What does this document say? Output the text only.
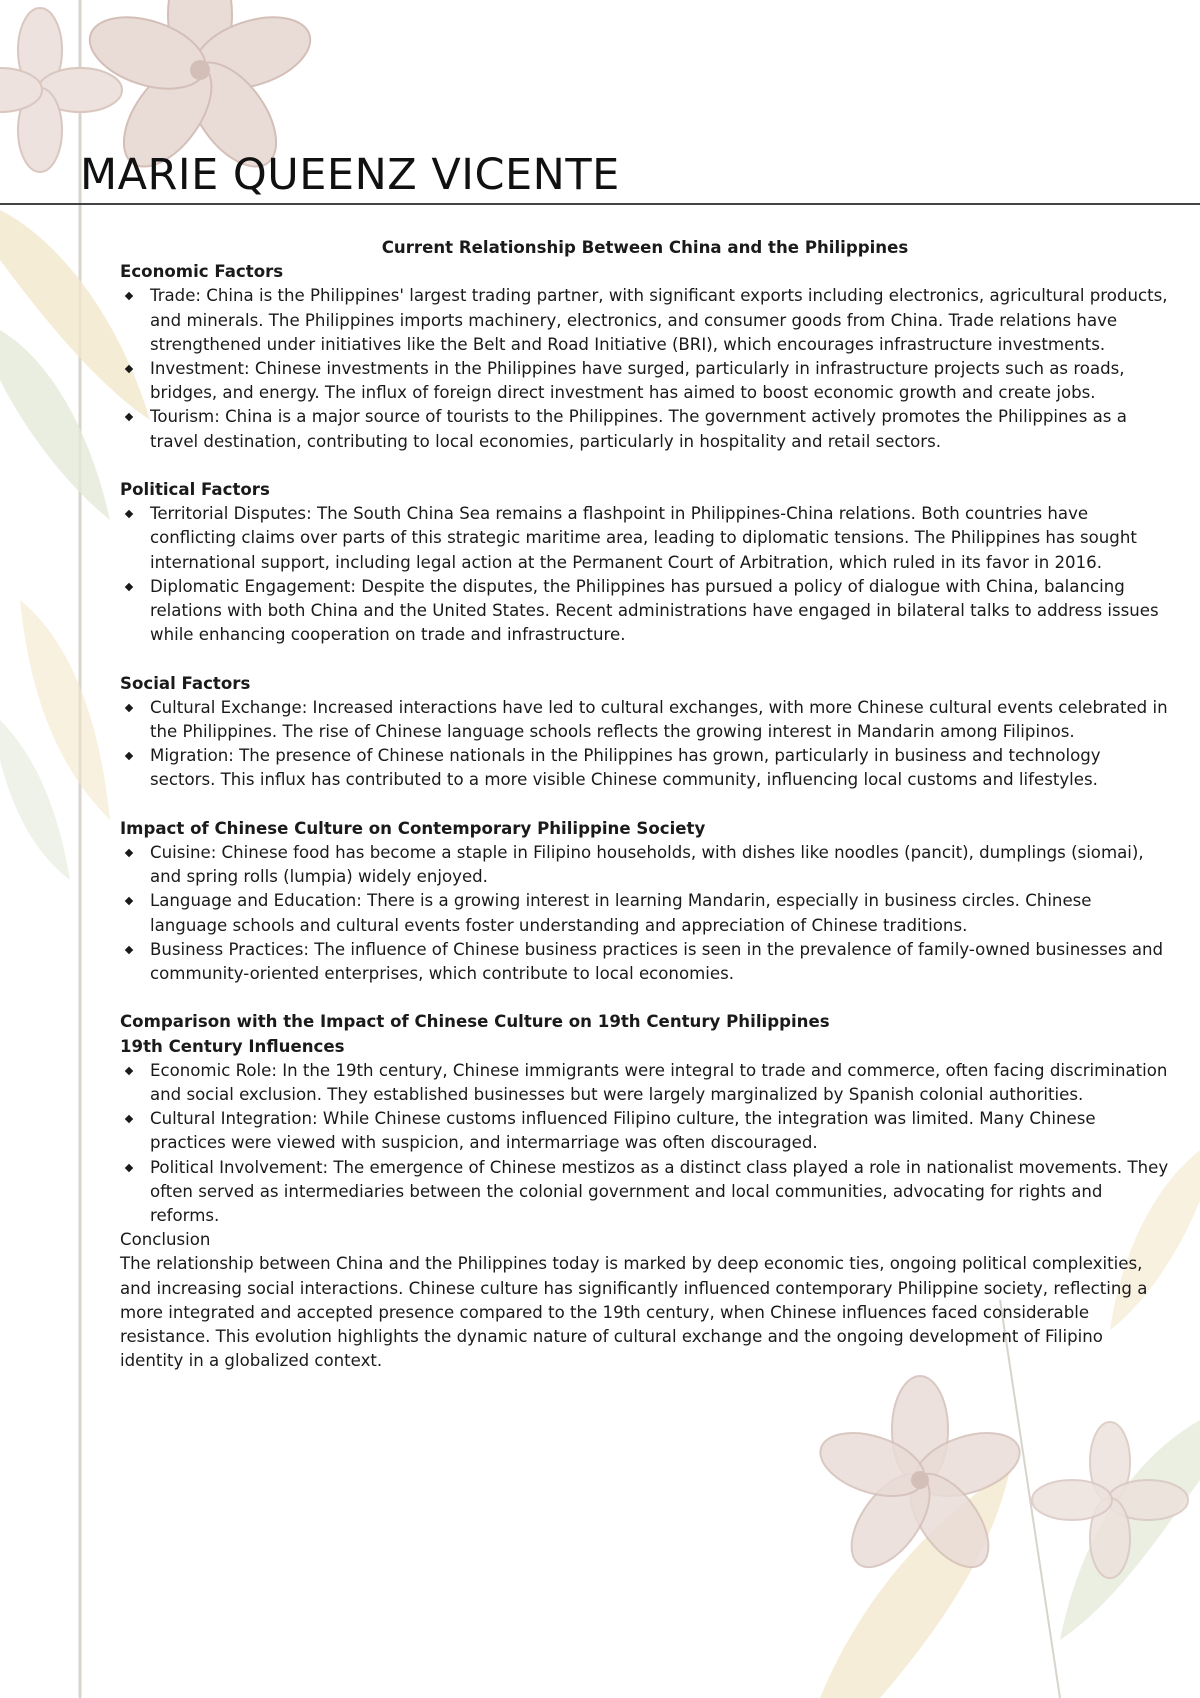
MARIE QUEENZ VICENTE

Current Relationship Between China and the Philippines

Economic Factors

Trade: China is the Philippines' largest trading partner, with significant exports including electronics, agricultural products, and minerals. The Philippines imports machinery, electronics, and consumer goods from China. Trade relations have strengthened under initiatives like the Belt and Road Initiative (BRI), which encourages infrastructure investments.
Investment: Chinese investments in the Philippines have surged, particularly in infrastructure projects such as roads, bridges, and energy. The influx of foreign direct investment has aimed to boost economic growth and create jobs.
Tourism: China is a major source of tourists to the Philippines. The government actively promotes the Philippines as a travel destination, contributing to local economies, particularly in hospitality and retail sectors.

Political Factors

Territorial Disputes: The South China Sea remains a flashpoint in Philippines-China relations. Both countries have conflicting claims over parts of this strategic maritime area, leading to diplomatic tensions. The Philippines has sought international support, including legal action at the Permanent Court of Arbitration, which ruled in its favor in 2016.
Diplomatic Engagement: Despite the disputes, the Philippines has pursued a policy of dialogue with China, balancing relations with both China and the United States. Recent administrations have engaged in bilateral talks to address issues while enhancing cooperation on trade and infrastructure.

Social Factors

Cultural Exchange: Increased interactions have led to cultural exchanges, with more Chinese cultural events celebrated in the Philippines. The rise of Chinese language schools reflects the growing interest in Mandarin among Filipinos.
Migration: The presence of Chinese nationals in the Philippines has grown, particularly in business and technology sectors. This influx has contributed to a more visible Chinese community, influencing local customs and lifestyles.

Impact of Chinese Culture on Contemporary Philippine Society

Cuisine: Chinese food has become a staple in Filipino households, with dishes like noodles (pancit), dumplings (siomai), and spring rolls (lumpia) widely enjoyed.
Language and Education: There is a growing interest in learning Mandarin, especially in business circles. Chinese language schools and cultural events foster understanding and appreciation of Chinese traditions.
Business Practices: The influence of Chinese business practices is seen in the prevalence of family-owned businesses and community-oriented enterprises, which contribute to local economies.

Comparison with the Impact of Chinese Culture on 19th Century Philippines

19th Century Influences

Economic Role: In the 19th century, Chinese immigrants were integral to trade and commerce, often facing discrimination and social exclusion. They established businesses but were largely marginalized by Spanish colonial authorities.
Cultural Integration: While Chinese customs influenced Filipino culture, the integration was limited. Many Chinese practices were viewed with suspicion, and intermarriage was often discouraged.
Political Involvement: The emergence of Chinese mestizos as a distinct class played a role in nationalist movements. They often served as intermediaries between the colonial government and local communities, advocating for rights and reforms.

Conclusion

The relationship between China and the Philippines today is marked by deep economic ties, ongoing political complexities, and increasing social interactions. Chinese culture has significantly influenced contemporary Philippine society, reflecting a more integrated and accepted presence compared to the 19th century, when Chinese influences faced considerable resistance. This evolution highlights the dynamic nature of cultural exchange and the ongoing development of Filipino identity in a globalized context.
